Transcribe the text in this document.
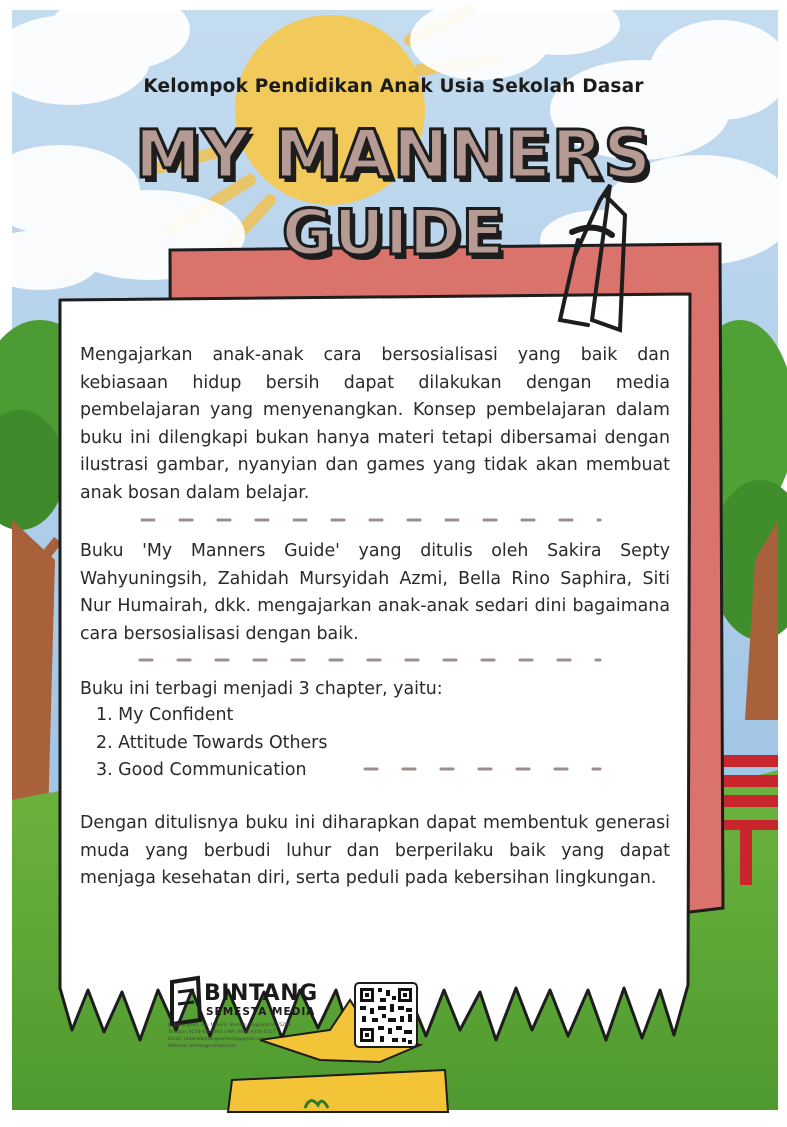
Kelompok Pendidikan Anak Usia Sekolah Dasar
MY MANNERS
GUIDE
Mengajarkan anak-anak cara bersosialisasi yang baik dan kebiasaan hidup bersih dapat dilakukan dengan media pembelajaran yang menyenangkan. Konsep pembelajaran dalam buku ini dilengkapi bukan hanya materi tetapi dibersamai dengan ilustrasi gambar, nyanyian dan games yang tidak akan membuat anak bosan dalam belajar.
Buku 'My Manners Guide' yang ditulis oleh Sakira Septy Wahyuningsih, Zahidah Mursyidah Azmi, Bella Rino Saphira, Siti Nur Humairah, dkk. mengajarkan anak-anak sedari dini bagaimana cara bersosialisasi dengan baik.
Buku ini terbagi menjadi 3 chapter, yaitu:
1. My Confident
2. Attitude Towards Others
3. Good Communication
Dengan ditulisnya buku ini diharapkan dapat membentuk generasi muda yang berbudi luhur dan berperilaku baik yang dapat menjaga kesehatan diri, serta peduli pada kebersihan lingkungan.
BINTANG
SEMESTA MEDIA
Jl. Karangsari, Gg. Nakula, Sleman, Yogyakarta 55285
Telepon: 0274-4353363 | WA: 0858 9316 0317
Email: redaksibintangsemesta@gmail.com
Website: bintangpustaka.com
